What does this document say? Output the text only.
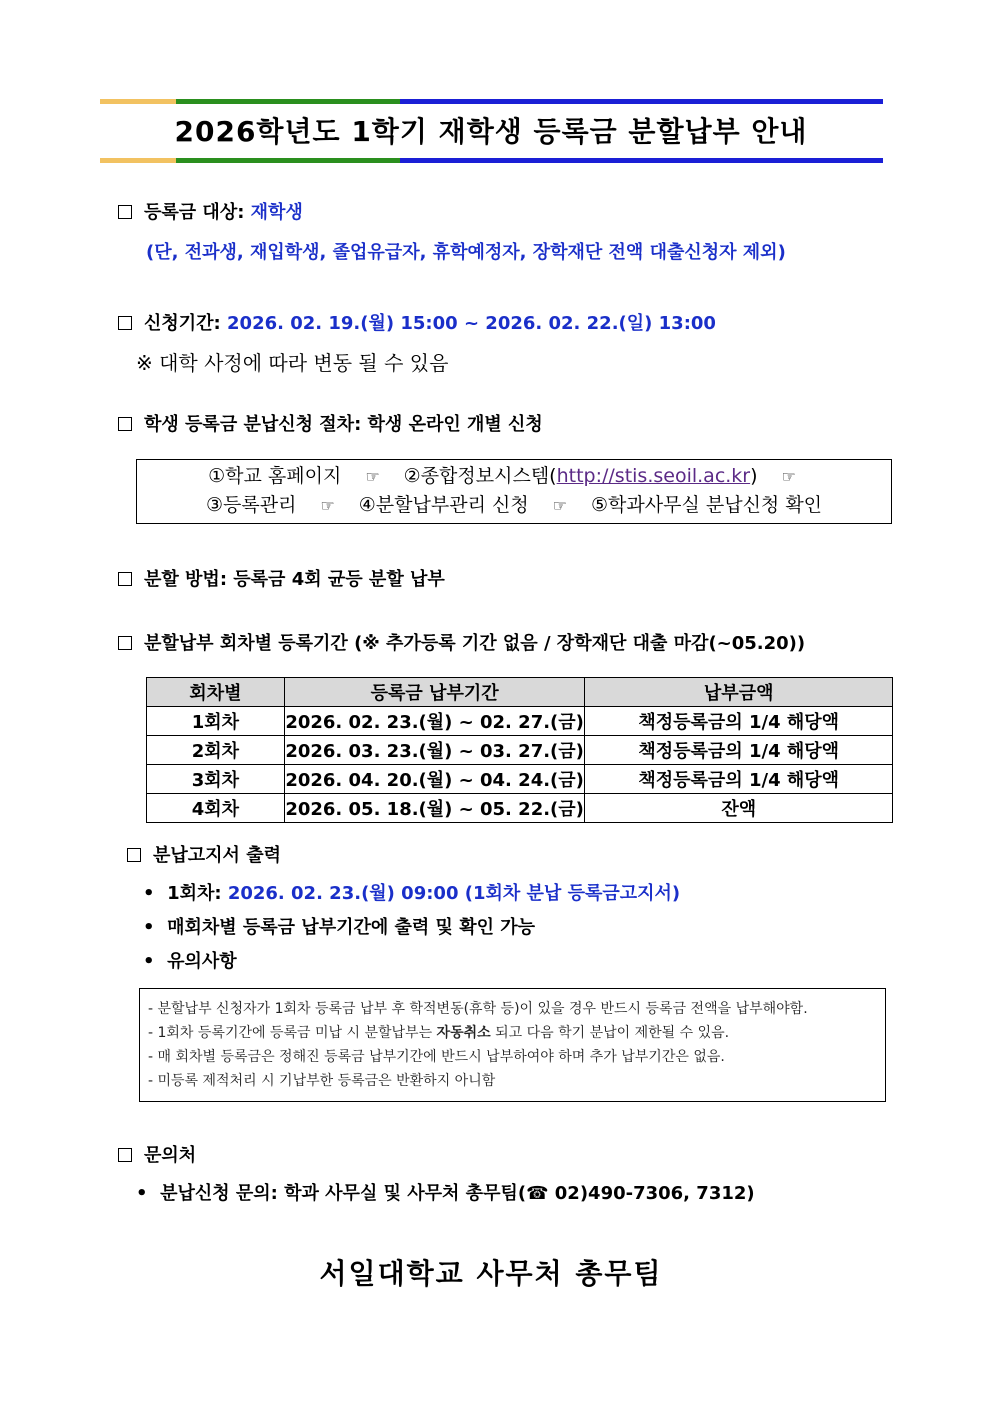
2026학년도 1학기 재학생 등록금 분할납부 안내
등록금 대상: 재학생
(단, 전과생, 재입학생, 졸업유급자, 휴학예정자, 장학재단 전액 대출신청자 제외)
신청기간: 2026. 02. 19.(월) 15:00 ~ 2026. 02. 22.(일) 13:00
※ 대학 사정에 따라 변동 될 수 있음
학생 등록금 분납신청 절차: 학생 온라인 개별 신청
①학교 홈페이지 ☞ ②종합정보시스템(http://stis.seoil.ac.kr) ☞
③등록관리 ☞ ④분할납부관리 신청 ☞ ⑤학과사무실 분납신청 확인
분할 방법: 등록금 4회 균등 분할 납부
분할납부 회차별 등록기간 (※ 추가등록 기간 없음 / 장학재단 대출 마감(~05.20))
회차별	등록금 납부기간	납부금액
1회차	2026. 02. 23.(월) ~ 02. 27.(금)	책정등록금의 1/4 해당액
2회차	2026. 03. 23.(월) ~ 03. 27.(금)	책정등록금의 1/4 해당액
3회차	2026. 04. 20.(월) ~ 04. 24.(금)	책정등록금의 1/4 해당액
4회차	2026. 05. 18.(월) ~ 05. 22.(금)	잔액
분납고지서 출력
• 1회차: 2026. 02. 23.(월) 09:00 (1회차 분납 등록금고지서)
• 매회차별 등록금 납부기간에 출력 및 확인 가능
• 유의사항
- 분할납부 신청자가 1회차 등록금 납부 후 학적변동(휴학 등)이 있을 경우 반드시 등록금 전액을 납부해야함.
- 1회차 등록기간에 등록금 미납 시 분할납부는 자동취소 되고 다음 학기 분납이 제한될 수 있음.
- 매 회차별 등록금은 정해진 등록금 납부기간에 반드시 납부하여야 하며 추가 납부기간은 없음.
- 미등록 제적처리 시 기납부한 등록금은 반환하지 아니함
문의처
• 분납신청 문의: 학과 사무실 및 사무처 총무팀(☎ 02)490-7306, 7312)
서일대학교 사무처 총무팀
